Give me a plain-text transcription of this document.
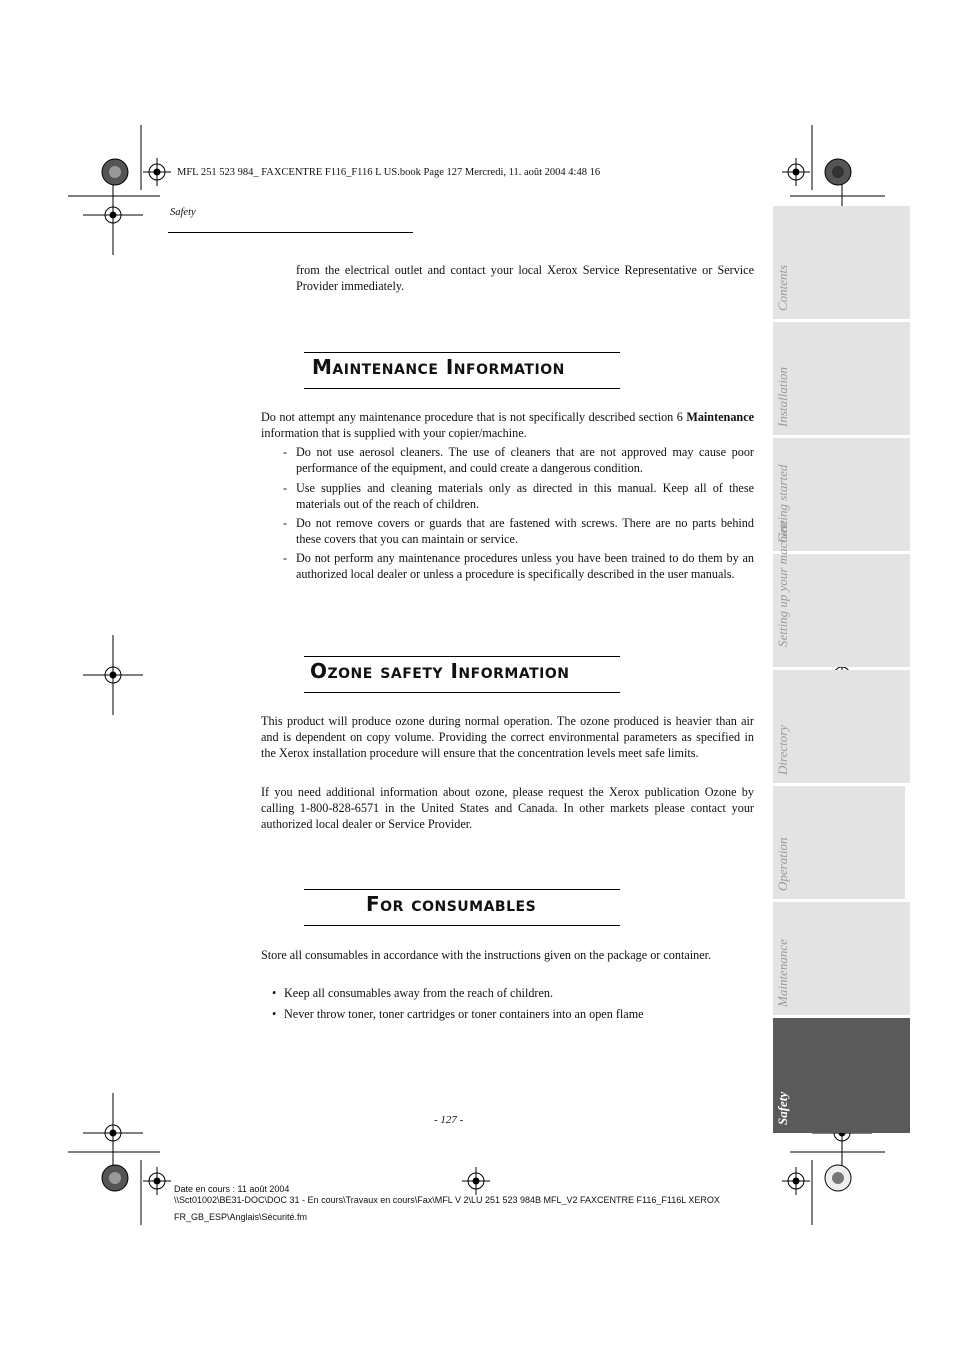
MFL 251 523 984_ FAXCENTRE F116_F116 L US.book Page 127 Mercredi, 11. août 2004 4:48 16
Safety
from the electrical outlet and contact your local Xerox Service Representative or Service Provider immediately.
Maintenance Information
Do not attempt any maintenance procedure that is not specifically described section 6 Maintenance information that is supplied with your copier/machine.
- Do not use aerosol cleaners. The use of cleaners that are not approved may cause poor performance of the equipment, and could create a dangerous condition.
- Use supplies and cleaning materials only as directed in this manual. Keep all of these materials out of the reach of children.
- Do not remove covers or guards that are fastened with screws. There are no parts behind these covers that you can maintain or service.
- Do not perform any maintenance procedures unless you have been trained to do them by an authorized local dealer or unless a procedure is specifically described in the user manuals.
Ozone safety Information
This product will produce ozone during normal operation. The ozone produced is heavier than air and is dependent on copy volume. Providing the correct environmental parameters as specified in the Xerox installation procedure will ensure that the concentration levels meet safe limits.
If you need additional information about ozone, please request the Xerox publication Ozone by calling 1-800-828-6571 in the United States and Canada. In other markets please contact your authorized local dealer or Service Provider.
For consumables
Store all consumables in accordance with the instructions given on the package or container.
• Keep all consumables away from the reach of children.
• Never throw toner, toner cartridges or toner containers into an open flame
- 127 -
Contents
Installation
Getting started
Setting up your machine
Directory
Operation
Maintenance
Safety
Date en cours : 11 août 2004
\\Sct01002\BE31-DOC\DOC 31 - En cours\Travaux en cours\Fax\MFL V 2\LU 251 523 984B MFL_V2 FAXCENTRE F116_F116L XEROX
FR_GB_ESP\Anglais\Sécurité.fm
